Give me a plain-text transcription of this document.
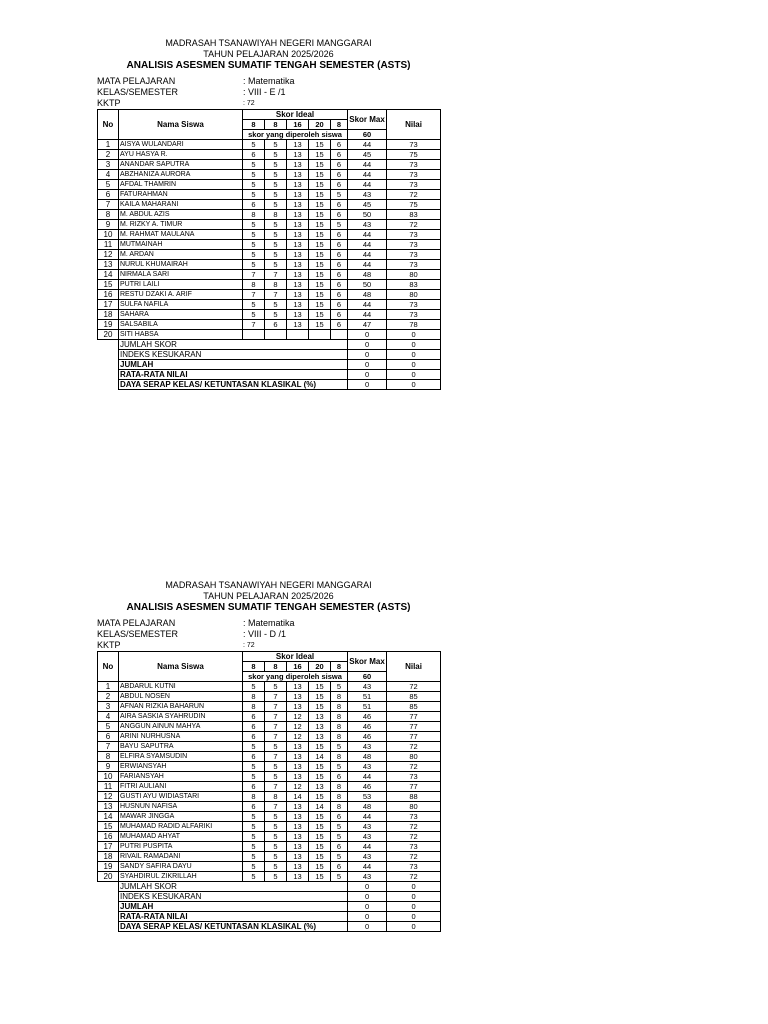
MADRASAH TSANAWIYAH NEGERI MANGGARAI
TAHUN PELAJARAN 2025/2026
ANALISIS ASESMEN SUMATIF TENGAH SEMESTER (ASTS)
MATA PELAJARAN	: Matematika
KELAS/SEMESTER	: VIII - E /1
KKTP	: 72
No	Nama Siswa	Skor Ideal					Skor Max	Nilai
		8	8	16	20	8		
		skor yang diperoleh siswa					60	
1	AISYA WULANDARI	5	5	13	15	6	44	73
2	AYU HASYA R.	6	5	13	15	6	45	75
3	ANANDAR SAPUTRA	5	5	13	15	6	44	73
4	ABZHANIZA AURORA	5	5	13	15	6	44	73
5	AFDAL THAMRIN	5	5	13	15	6	44	73
6	FATURAHMAN	5	5	13	15	5	43	72
7	KAILA MAHARANI	6	5	13	15	6	45	75
8	M. ABDUL AZIS	8	8	13	15	6	50	83
9	M. RIZKY A. TIMUR	5	5	13	15	5	43	72
10	M. RAHMAT MAULANA	5	5	13	15	6	44	73
11	MUTMAINAH	5	5	13	15	6	44	73
12	M. ARDAN	5	5	13	15	6	44	73
13	NURUL KHUMAIRAH	5	5	13	15	6	44	73
14	NIRMALA SARI	7	7	13	15	6	48	80
15	PUTRI LAILI	8	8	13	15	6	50	83
16	RESTU DZAKI A. ARIF	7	7	13	15	6	48	80
17	SULFA NAFILA	5	5	13	15	6	44	73
18	SAHARA	5	5	13	15	6	44	73
19	SALSABILA	7	6	13	15	6	47	78
20	SITI HABSA						0	0
	JUMLAH SKOR						0	0
	INDEKS KESUKARAN						0	0
	JUMLAH						0	0
	RATA-RATA NILAI						0	0
	DAYA SERAP KELAS/ KETUNTASAN KLASIKAL (%)						0	0
MADRASAH TSANAWIYAH NEGERI MANGGARAI
TAHUN PELAJARAN 2025/2026
ANALISIS ASESMEN SUMATIF TENGAH SEMESTER (ASTS)
MATA PELAJARAN	: Matematika
KELAS/SEMESTER	: VIII - D /1
KKTP	: 72
No	Nama Siswa	Skor Ideal					Skor Max	Nilai
		8	8	16	20	8		
		skor yang diperoleh siswa					60	
1	ABDARUL KUTNI	5	5	13	15	5	43	72
2	ABDUL NOSEN	8	7	13	15	8	51	85
3	AFNAN RIZKIA BAHARUN	8	7	13	15	8	51	85
4	AIRA SASKIA SYAHRUDIN	6	7	12	13	8	46	77
5	ANGGUN AINUN MAHYA	6	7	12	13	8	46	77
6	ARINI NURHUSNA	6	7	12	13	8	46	77
7	BAYU SAPUTRA	5	5	13	15	5	43	72
8	ELFIRA SYAMSUDIN	6	7	13	14	8	48	80
9	ERWIANSYAH	5	5	13	15	5	43	72
10	FARIANSYAH	5	5	13	15	6	44	73
11	FITRI AULIANI	6	7	12	13	8	46	77
12	GUSTI AYU WIDIASTARI	8	8	14	15	8	53	88
13	HUSNUN NAFISA	6	7	13	14	8	48	80
14	MAWAR JINGGA	5	5	13	15	6	44	73
15	MUHAMAD RADID ALFARIKI	5	5	13	15	5	43	72
16	MUHAMAD AHYAT	5	5	13	15	5	43	72
17	PUTRI PUSPITA	5	5	13	15	6	44	73
18	RIVAIL RAMADANI	5	5	13	15	5	43	72
19	SANDY SAFIRA DAYU	5	5	13	15	6	44	73
20	SYAHDIRUL ZIKRILLAH	5	5	13	15	5	43	72
	JUMLAH SKOR						0	0
	INDEKS KESUKARAN						0	0
	JUMLAH						0	0
	RATA-RATA NILAI						0	0
	DAYA SERAP KELAS/ KETUNTASAN KLASIKAL (%)						0	0
